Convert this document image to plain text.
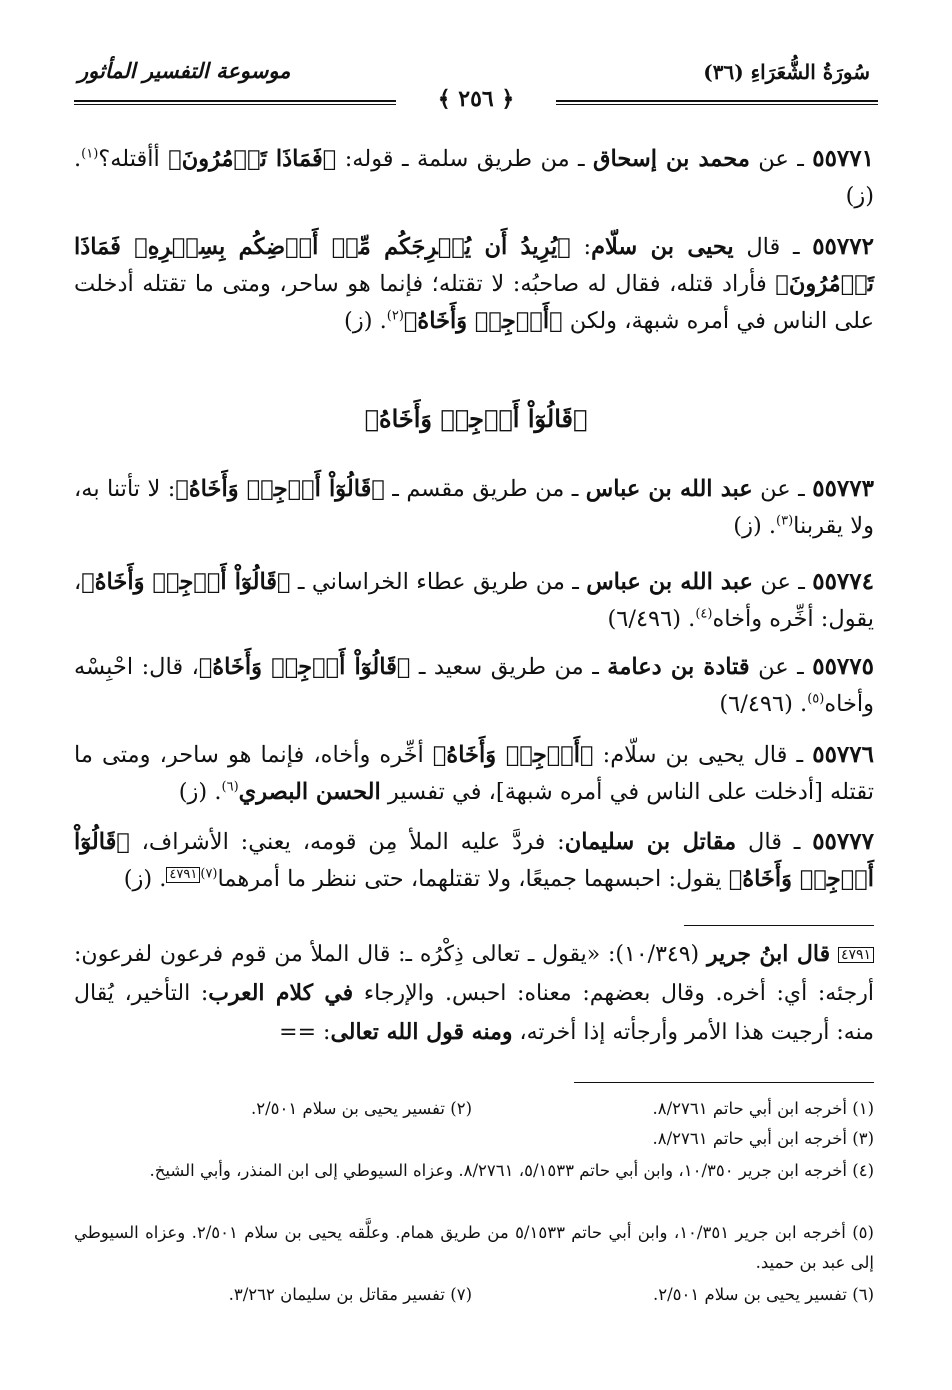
سُورَةُ الشُّعَرَاءِ (٣٦)
موسوعة التفسير المأثور
﴿ ٢٥٦ ﴾
٥٥٧٧١ ـ عن محمد بن إسحاق ـ من طريق سلمة ـ قوله: ﴿فَمَاذَا تَأۡمُرُونَ﴾ أأقتله؟$^{(١)}$. (ز)
٥٥٧٧٢ ـ قال يحيى بن سلّام: ﴿يُرِيدُ أَن يُخۡرِجَكُم مِّنۡ أَرۡضِكُم بِسِحۡرِهِۦ فَمَاذَا تَأۡمُرُونَ﴾ فأراد قتله، فقال له صاحبُه: لا تقتله؛ فإنما هو ساحر، ومتى ما تقتله أدخلت على الناس في أمره شبهة، ولكن ﴿أَرۡجِهۡ وَأَخَاهُ﴾$^{(٢)}$. (ز)
﴿قَالُوٓاْ أَرۡجِهۡ وَأَخَاهُ﴾
٥٥٧٧٣ ـ عن عبد الله بن عباس ـ من طريق مقسم ـ ﴿قَالُوٓاْ أَرۡجِهۡ وَأَخَاهُ﴾: لا تأتنا به، ولا يقربنا$^{(٣)}$. (ز)
٥٥٧٧٤ ـ عن عبد الله بن عباس ـ من طريق عطاء الخراساني ـ ﴿قَالُوٓاْ أَرۡجِهۡ وَأَخَاهُ﴾، يقول: أخِّره وأخاه$^{(٤)}$. (٦/٤٩٦)
٥٥٧٧٥ ـ عن قتادة بن دعامة ـ من طريق سعيد ـ ﴿قَالُوٓاْ أَرۡجِهۡ وَأَخَاهُ﴾، قال: احْبِسْه وأخاه$^{(٥)}$. (٦/٤٩٦)
٥٥٧٧٦ ـ قال يحيى بن سلّام: ﴿أَرۡجِهۡ وَأَخَاهُ﴾ أخِّره وأخاه، فإنما هو ساحر، ومتى ما تقتله [أدخلت على الناس في أمره شبهة]، في تفسير الحسن البصري$^{(٦)}$. (ز)
٥٥٧٧٧ ـ قال مقاتل بن سليمان: فردَّ عليه الملأ مِن قومه، يعني: الأشراف، ﴿قَالُوٓاْ أَرۡجِهۡ وَأَخَاهُ﴾ يقول: احبسهما جميعًا، ولا تقتلهما، حتى ننظر ما أمرهما$^{(٧)}$٤٧٩١. (ز)
٤٧٩١ قال ابنُ جرير (١٠/٣٤٩): «يقول ـ تعالى ذِكْرُه ـ: قال الملأ من قوم فرعون لفرعون: أرجئه: أي: أخره. وقال بعضهم: معناه: احبس. والإرجاء في كلام العرب: التأخير، يُقال منه: أرجيت هذا الأمر وأرجأته إذا أخرته، ومنه قول الله تعالى: ==
(١) أخرجه ابن أبي حاتم ٨/٢٧٦١.
(٢) تفسير يحيى بن سلام ٢/٥٠١.
(٣) أخرجه ابن أبي حاتم ٨/٢٧٦١.
(٤) أخرجه ابن جرير ١٠/٣٥٠، وابن أبي حاتم ٥/١٥٣٣، ٨/٢٧٦١. وعزاه السيوطي إلى ابن المنذر، وأبي الشيخ.
(٥) أخرجه ابن جرير ١٠/٣٥١، وابن أبي حاتم ٥/١٥٣٣ من طريق همام. وعلَّقه يحيى بن سلام ٢/٥٠١. وعزاه السيوطي إلى عبد بن حميد.
(٦) تفسير يحيى بن سلام ٢/٥٠١.
(٧) تفسير مقاتل بن سليمان ٣/٢٦٢.
